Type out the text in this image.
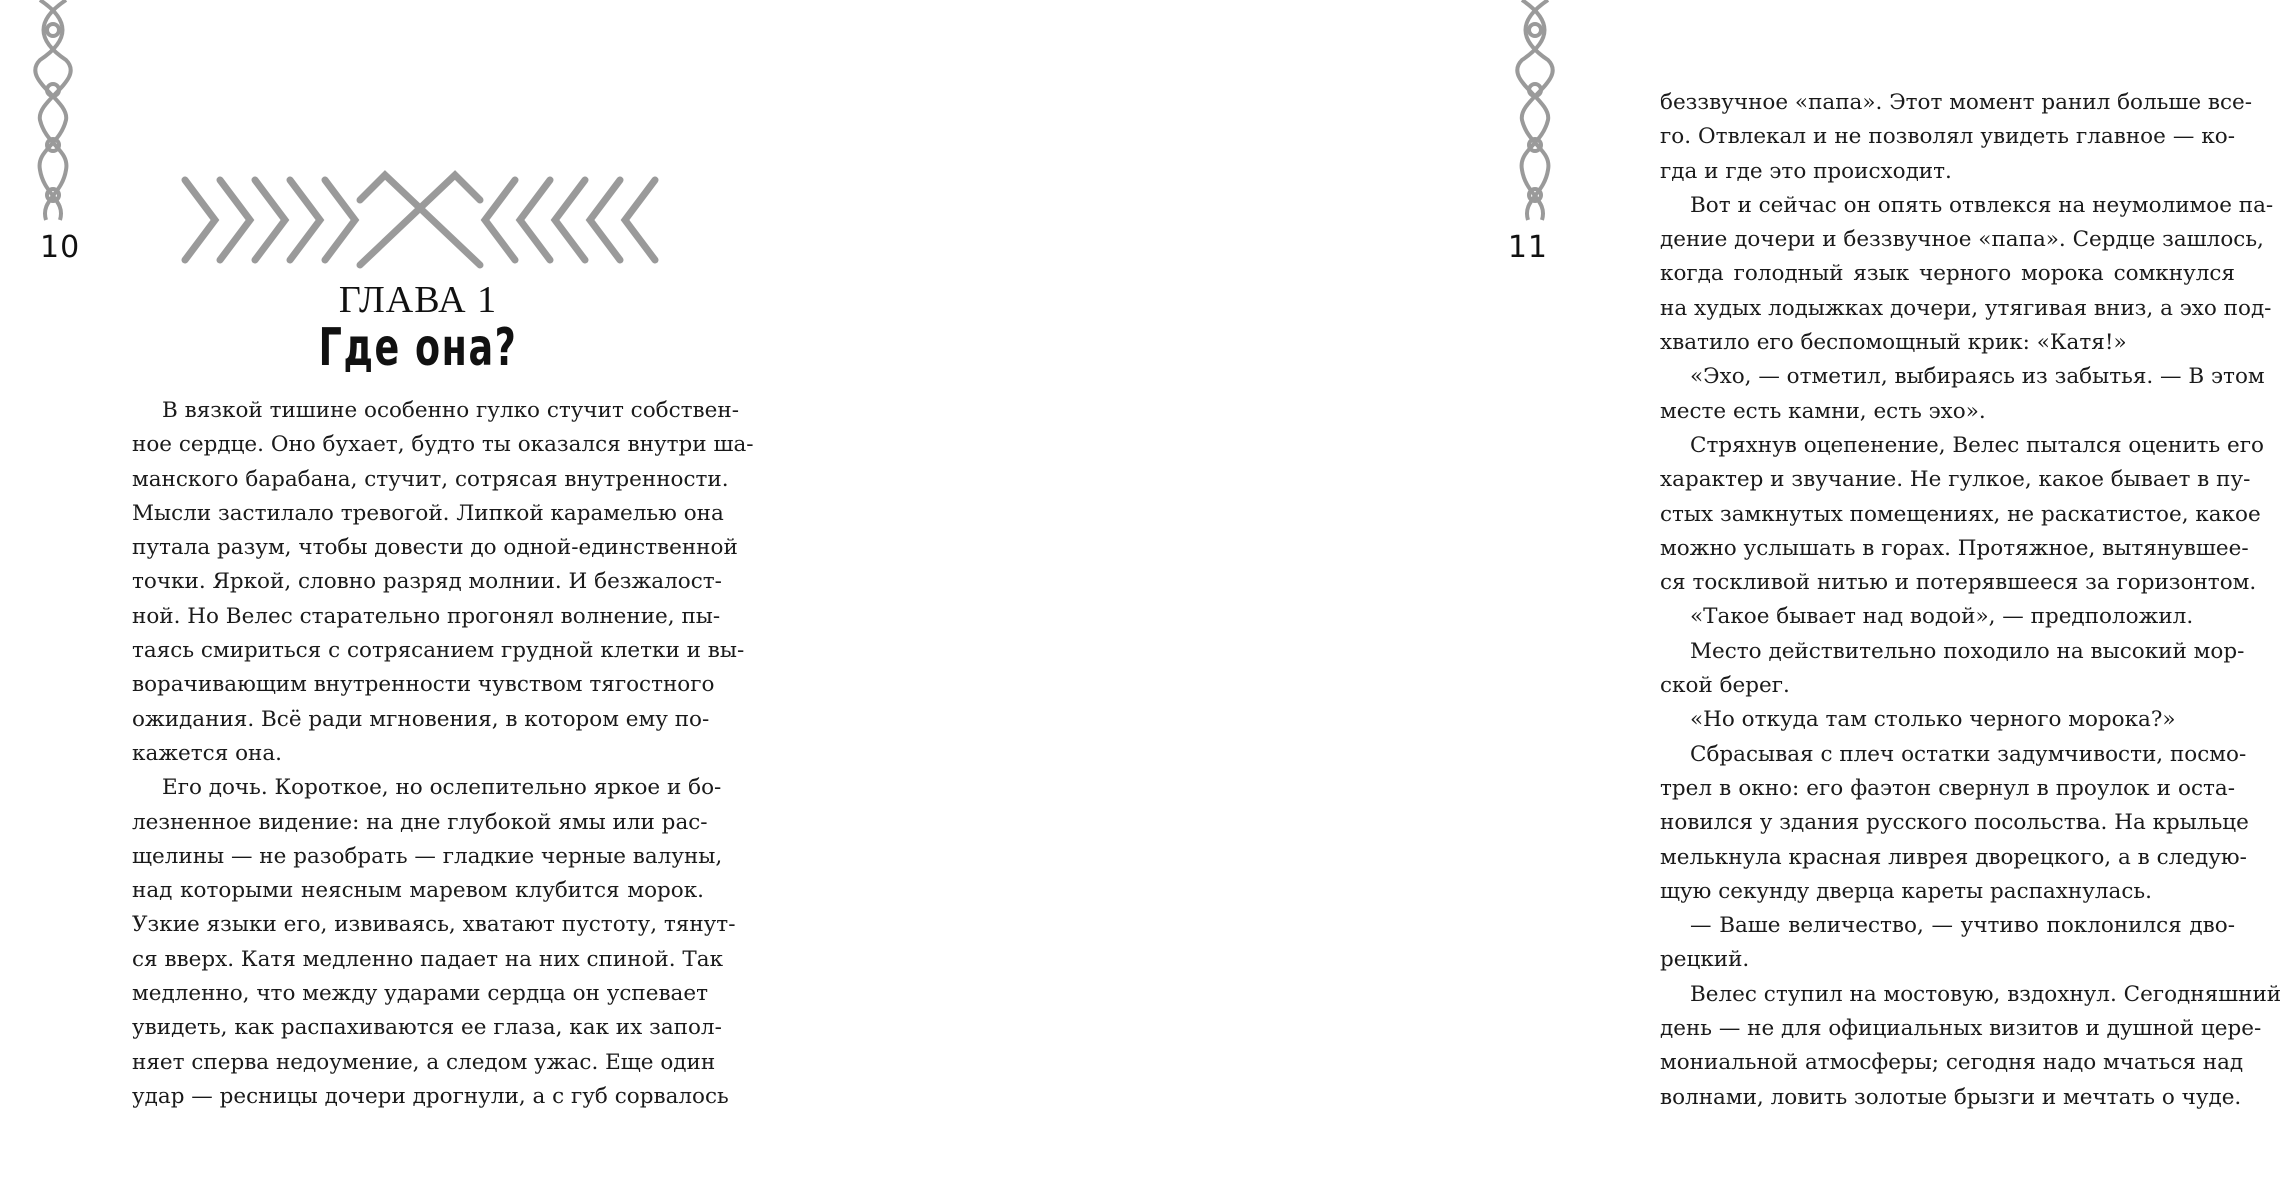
10
ГЛАВА 1
Где она?
В вязкой тишине особенно гулко стучит собствен-
ное сердце. Оно бухает, будто ты оказался внутри ша-
манского барабана, стучит, сотрясая внутренности.
Мысли застилало тревогой. Липкой карамелью она
путала разум, чтобы довести до одной-единственной
точки. Яркой, словно разряд молнии. И безжалост-
ной. Но Велес старательно прогонял волнение, пы-
таясь смириться с сотрясанием грудной клетки и вы-
ворачивающим внутренности чувством тягостного
ожидания. Всё ради мгновения, в котором ему по-
кажется она.
Его дочь. Короткое, но ослепительно яркое и бо-
лезненное видение: на дне глубокой ямы или рас-
щелины — не разобрать — гладкие черные валуны,
над которыми неясным маревом клубится морок.
Узкие языки его, извиваясь, хватают пустоту, тянут-
ся вверх. Катя медленно падает на них спиной. Так
медленно, что между ударами сердца он успевает
увидеть, как распахиваются ее глаза, как их запол-
няет сперва недоумение, а следом ужас. Еще один
удар — ресницы дочери дрогнули, а с губ сорвалось
11
беззвучное «папа». Этот момент ранил больше все-
го. Отвлекал и не позволял увидеть главное — ко-
гда и где это происходит.
Вот и сейчас он опять отвлекся на неумолимое па-
дение дочери и беззвучное «папа». Сердце зашлось,
когда голодный язык черного морока сомкнулся
на худых лодыжках дочери, утягивая вниз, а эхо под-
хватило его беспомощный крик: «Катя!»
«Эхо, — отметил, выбираясь из забытья. — В этом
месте есть камни, есть эхо».
Стряхнув оцепенение, Велес пытался оценить его
характер и звучание. Не гулкое, какое бывает в пу-
стых замкнутых помещениях, не раскатистое, какое
можно услышать в горах. Протяжное, вытянувшее-
ся тоскливой нитью и потерявшееся за горизонтом.
«Такое бывает над водой», — предположил.
Место действительно походило на высокий мор-
ской берег.
«Но откуда там столько черного морока?»
Сбрасывая с плеч остатки задумчивости, посмо-
трел в окно: его фаэтон свернул в проулок и оста-
новился у здания русского посольства. На крыльце
мелькнула красная ливрея дворецкого, а в следую-
щую секунду дверца кареты распахнулась.
— Ваше величество, — учтиво поклонился дво-
рецкий.
Велес ступил на мостовую, вздохнул. Сегодняшний
день — не для официальных визитов и душной цере-
мониальной атмосферы; сегодня надо мчаться над
волнами, ловить золотые брызги и мечтать о чуде.
